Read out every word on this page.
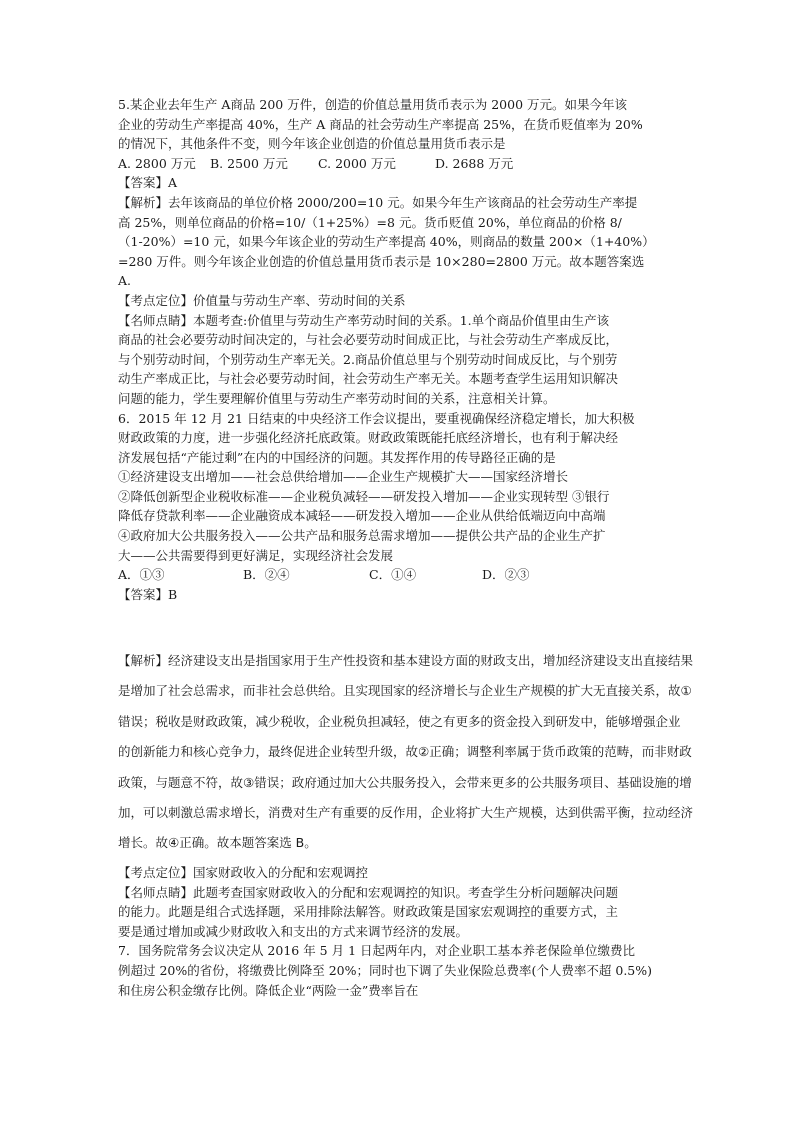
5.某企业去年生产 A商品 200 万件，创造的价值总量用货币表示为 2000 万元。如果今年该

企业的劳动生产率提高 40%，生产 A 商品的社会劳动生产率提高 25%，在货币贬值率为 20%

的情况下，其他条件不变，则今年该企业创造的价值总量用货币表示是

A. 2800 万元	B. 2500 万元	C. 2000 万元	D. 2688 万元

【答案】A

【解析】去年该商品的单位价格 2000/200=10 元。如果今年生产该商品的社会劳动生产率提

高 25%，则单位商品的价格=10/（1+25%）=8 元。货币贬值 20%，单位商品的价格 8/

（1-20%）=10 元，如果今年该企业的劳动生产率提高 40%，则商品的数量 200×（1+40%）

=280 万件。则今年该企业创造的价值总量用货币表示是 10×280=2800 万元。故本题答案选

A.

【考点定位】价值量与劳动生产率、劳动时间的关系

【名师点睛】本题考查:价值里与劳动生产率劳动时间的关系。1.单个商品价值里由生产该

商品的社会必要劳动时间决定的，与社会必要劳动时间成正比，与社会劳动生产率成反比，

与个别劳动时间，个别劳动生产率无关。2.商品价值总里与个别劳动时间成反比，与个别劳

动生产率成正比，与社会必要劳动时间，社会劳动生产率无关。本题考查学生运用知识解决

问题的能力，学生要理解价值里与劳动生产率劳动时间的关系，注意相关计算。

6．2015 年 12 月 21 日结束的中央经济工作会议提出，要重视确保经济稳定增长，加大积极

财政政策的力度，进一步强化经济托底政策。财政政策既能托底经济增长，也有利于解决经

济发展包括“产能过剩”在内的中国经济的问题。其发挥作用的传导路径正确的是

①经济建设支出增加——社会总供给增加——企业生产规模扩大——国家经济增长

②降低创新型企业税收标准——企业税负减轻——研发投入增加——企业实现转型 ③银行

降低存贷款利率——企业融资成本减轻——研发投入增加——企业从供给低端迈向中高端

④政府加大公共服务投入——公共产品和服务总需求增加——提供公共产品的企业生产扩

大——公共需要得到更好满足，实现经济社会发展

A．①③	B．②④	C．①④	D．②③

【答案】B

【解析】经济建设支出是指国家用于生产性投资和基本建设方面的财政支出，增加经济建设支出直接结果

是增加了社会总需求，而非社会总供给。且实现国家的经济增长与企业生产规模的扩大无直接关系，故①

错误；税收是财政政策，减少税收，企业税负担减轻，使之有更多的资金投入到研发中，能够增强企业

的创新能力和核心竞争力，最终促进企业转型升级，故②正确；调整利率属于货币政策的范畴，而非财政

政策，与题意不符，故③错误；政府通过加大公共服务投入，会带来更多的公共服务项目、基础设施的增

加，可以刺激总需求增长，消费对生产有重要的反作用，企业将扩大生产规模，达到供需平衡，拉动经济

增长。故④正确。故本题答案选 B。

【考点定位】国家财政收入的分配和宏观调控

【名师点睛】此题考查国家财政收入的分配和宏观调控的知识。考查学生分析问题解决问题

的能力。此题是组合式选择题，采用排除法解答。财政政策是国家宏观调控的重要方式，主

要是通过增加或减少财政收入和支出的方式来调节经济的发展。

7．国务院常务会议决定从 2016 年 5 月 1 日起两年内，对企业职工基本养老保险单位缴费比

例超过 20%的省份，将缴费比例降至 20%；同时也下调了失业保险总费率(个人费率不超 0.5%)

和住房公积金缴存比例。降低企业“两险一金”费率旨在
